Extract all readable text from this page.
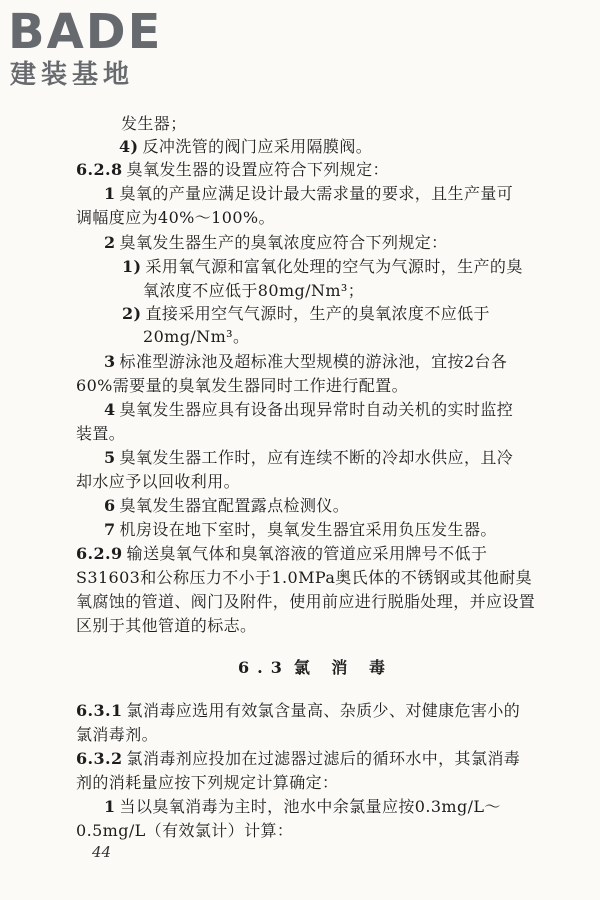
BADE
建装基地
发生器；
4) 反冲洗管的阀门应采用隔膜阀。
6.2.8 臭氧发生器的设置应符合下列规定：
1 臭氧的产量应满足设计最大需求量的要求，且生产量可
调幅度应为40%～100%。
2 臭氧发生器生产的臭氧浓度应符合下列规定：
1) 采用氧气源和富氧化处理的空气为气源时，生产的臭
氧浓度不应低于80mg/Nm³；
2) 直接采用空气气源时，生产的臭氧浓度不应低于
20mg/Nm³。
3 标准型游泳池及超标准大型规模的游泳池，宜按2台各
60%需要量的臭氧发生器同时工作进行配置。
4 臭氧发生器应具有设备出现异常时自动关机的实时监控
装置。
5 臭氧发生器工作时，应有连续不断的冷却水供应，且冷
却水应予以回收利用。
6 臭氧发生器宜配置露点检测仪。
7 机房设在地下室时，臭氧发生器宜采用负压发生器。
6.2.9 输送臭氧气体和臭氧溶液的管道应采用牌号不低于
S31603和公称压力不小于1.0MPa奥氏体的不锈钢或其他耐臭
氧腐蚀的管道、阀门及附件，使用前应进行脱脂处理，并应设置
区别于其他管道的标志。
6.3 氯 消 毒
6.3.1 氯消毒应选用有效氯含量高、杂质少、对健康危害小的
氯消毒剂。
6.3.2 氯消毒剂应投加在过滤器过滤后的循环水中，其氯消毒
剂的消耗量应按下列规定计算确定：
1 当以臭氧消毒为主时，池水中余氯量应按0.3mg/L～
0.5mg/L（有效氯计）计算：
44
